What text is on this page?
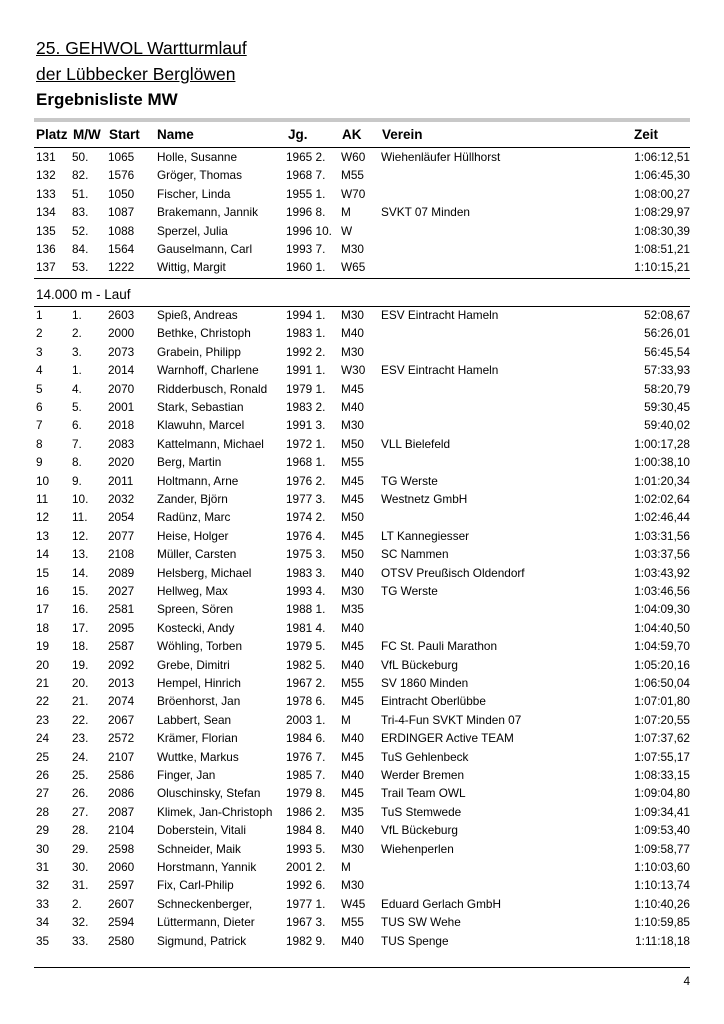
25. GEHWOL Wartturmlauf
der Lübbecker Berglöwen
Ergebnisliste MW
Platz M/W Start Name	Jg.	AK Verein	Zeit
131 50. 1065 Holle, Susanne	1965 2. W60 Wiehenläufer Hüllhorst	1:06:12,51
132 82. 1576 Gröger, Thomas	1968 7. M55	1:06:45,30
133 51. 1050 Fischer, Linda	1955 1. W70	1:08:00,27
134 83. 1087 Brakemann, Jannik	1996 8. M	SVKT 07 Minden	1:08:29,97
135 52. 1088 Sperzel, Julia	1996 10. W	1:08:30,39
136 84. 1564 Gauselmann, Carl	1993 7. M30	1:08:51,21
137 53. 1222 Wittig, Margit	1960 1. W65	1:10:15,21
14.000 m - Lauf
1 1. 2603 Spieß, Andreas	1994 1. M30 ESV Eintracht Hameln	52:08,67
2 2. 2000 Bethke, Christoph	1983 1. M40	56:26,01
3 3. 2073 Grabein, Philipp	1992 2. M30	56:45,54
4 1. 2014 Warnhoff, Charlene	1991 1. W30 ESV Eintracht Hameln	57:33,93
5 4. 2070 Ridderbusch, Ronald	1979 1. M45	58:20,79
6 5. 2001 Stark, Sebastian	1983 2. M40	59:30,45
7 6. 2018 Klawuhn, Marcel	1991 3. M30	59:40,02
8 7. 2083 Kattelmann, Michael	1972 1. M50 VLL Bielefeld	1:00:17,28
9 8. 2020 Berg, Martin	1968 1. M55	1:00:38,10
10 9. 2011 Holtmann, Arne	1976 2. M45 TG Werste	1:01:20,34
11 10. 2032 Zander, Björn	1977 3. M45 Westnetz GmbH	1:02:02,64
12 11. 2054 Radünz, Marc	1974 2. M50	1:02:46,44
13 12. 2077 Heise, Holger	1976 4. M45 LT Kannegiesser	1:03:31,56
14 13. 2108 Müller, Carsten	1975 3. M50 SC Nammen	1:03:37,56
15 14. 2089 Helsberg, Michael	1983 3. M40 OTSV Preußisch Oldendorf	1:03:43,92
16 15. 2027 Hellweg, Max	1993 4. M30 TG Werste	1:03:46,56
17 16. 2581 Spreen, Sören	1988 1. M35	1:04:09,30
18 17. 2095 Kostecki, Andy	1981 4. M40	1:04:40,50
19 18. 2587 Wöhling, Torben	1979 5. M45 FC St. Pauli Marathon	1:04:59,70
20 19. 2092 Grebe, Dimitri	1982 5. M40 VfL Bückeburg	1:05:20,16
21 20. 2013 Hempel, Hinrich	1967 2. M55 SV 1860 Minden	1:06:50,04
22 21. 2074 Bröenhorst, Jan	1978 6. M45 Eintracht Oberlübbe	1:07:01,80
23 22. 2067 Labbert, Sean	2003 1. M	Tri-4-Fun SVKT Minden 07	1:07:20,55
24 23. 2572 Krämer, Florian	1984 6. M40 ERDINGER Active TEAM	1:07:37,62
25 24. 2107 Wuttke, Markus	1976 7. M45 TuS Gehlenbeck	1:07:55,17
26 25. 2586 Finger, Jan	1985 7. M40 Werder Bremen	1:08:33,15
27 26. 2086 Oluschinsky, Stefan	1979 8. M45 Trail Team OWL	1:09:04,80
28 27. 2087 Klimek, Jan-Christoph	1986 2. M35 TuS Stemwede	1:09:34,41
29 28. 2104 Doberstein, Vitali	1984 8. M40 VfL Bückeburg	1:09:53,40
30 29. 2598 Schneider, Maik	1993 5. M30 Wiehenperlen	1:09:58,77
31 30. 2060 Horstmann, Yannik	2001 2. M	1:10:03,60
32 31. 2597 Fix, Carl-Philip	1992 6. M30	1:10:13,74
33 2. 2607 Schneckenberger,	1977 1. W45 Eduard Gerlach GmbH	1:10:40,26
34 32. 2594 Lüttermann, Dieter	1967 3. M55 TUS SW Wehe	1:10:59,85
35 33. 2580 Sigmund, Patrick	1982 9. M40 TUS Spenge	1:11:18,18
4
